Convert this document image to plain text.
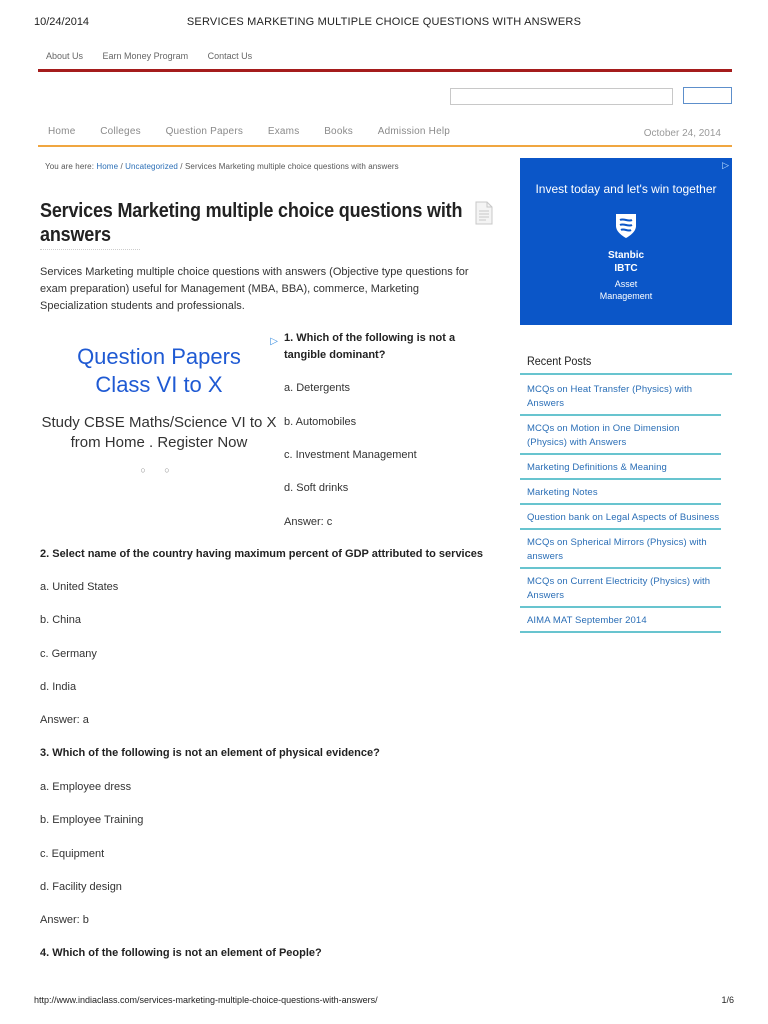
10/24/2014	SERVICES MARKETING MULTIPLE CHOICE QUESTIONS WITH ANSWERS
About Us Earn Money Program Contact Us
Home Colleges Question Papers Exams Books Admission Help	October 24, 2014
You are here: Home / Uncategorized / Services Marketing multiple choice questions with answers
Services Marketing multiple choice questions with answers

Services Marketing multiple choice questions with answers (Objective type questions for exam preparation) useful for Management (MBA, BBA), commerce, Marketing Specialization students and professionals.

▷
Question Papers
Class VI to X
Study CBSE Maths/Science VI to X from Home . Register Now
○ ○
1. Which of the following is not a
tangible dominant?
a. Detergents
b. Automobiles
c. Investment Management
d. Soft drinks
Answer: c
2. Select name of the country having maximum percent of GDP attributed to services
a. United States
b. China
c. Germany
d. India
Answer: a
3. Which of the following is not an element of physical evidence?
a. Employee dress
b. Employee Training
c. Equipment
d. Facility design
Answer: b
4. Which of the following is not an element of People?
▷
Invest today and let's win together
Stanbic
IBTC
Asset
Management
Recent Posts
MCQs on Heat Transfer (Physics) with Answers
MCQs on Motion in One Dimension (Physics) with Answers
Marketing Definitions & Meaning
Marketing Notes
Question bank on Legal Aspects of Business
MCQs on Spherical Mirrors (Physics) with answers
MCQs on Current Electricity (Physics) with Answers
AIMA MAT September 2014
http://www.indiaclass.com/services-marketing-multiple-choice-questions-with-answers/	1/6
